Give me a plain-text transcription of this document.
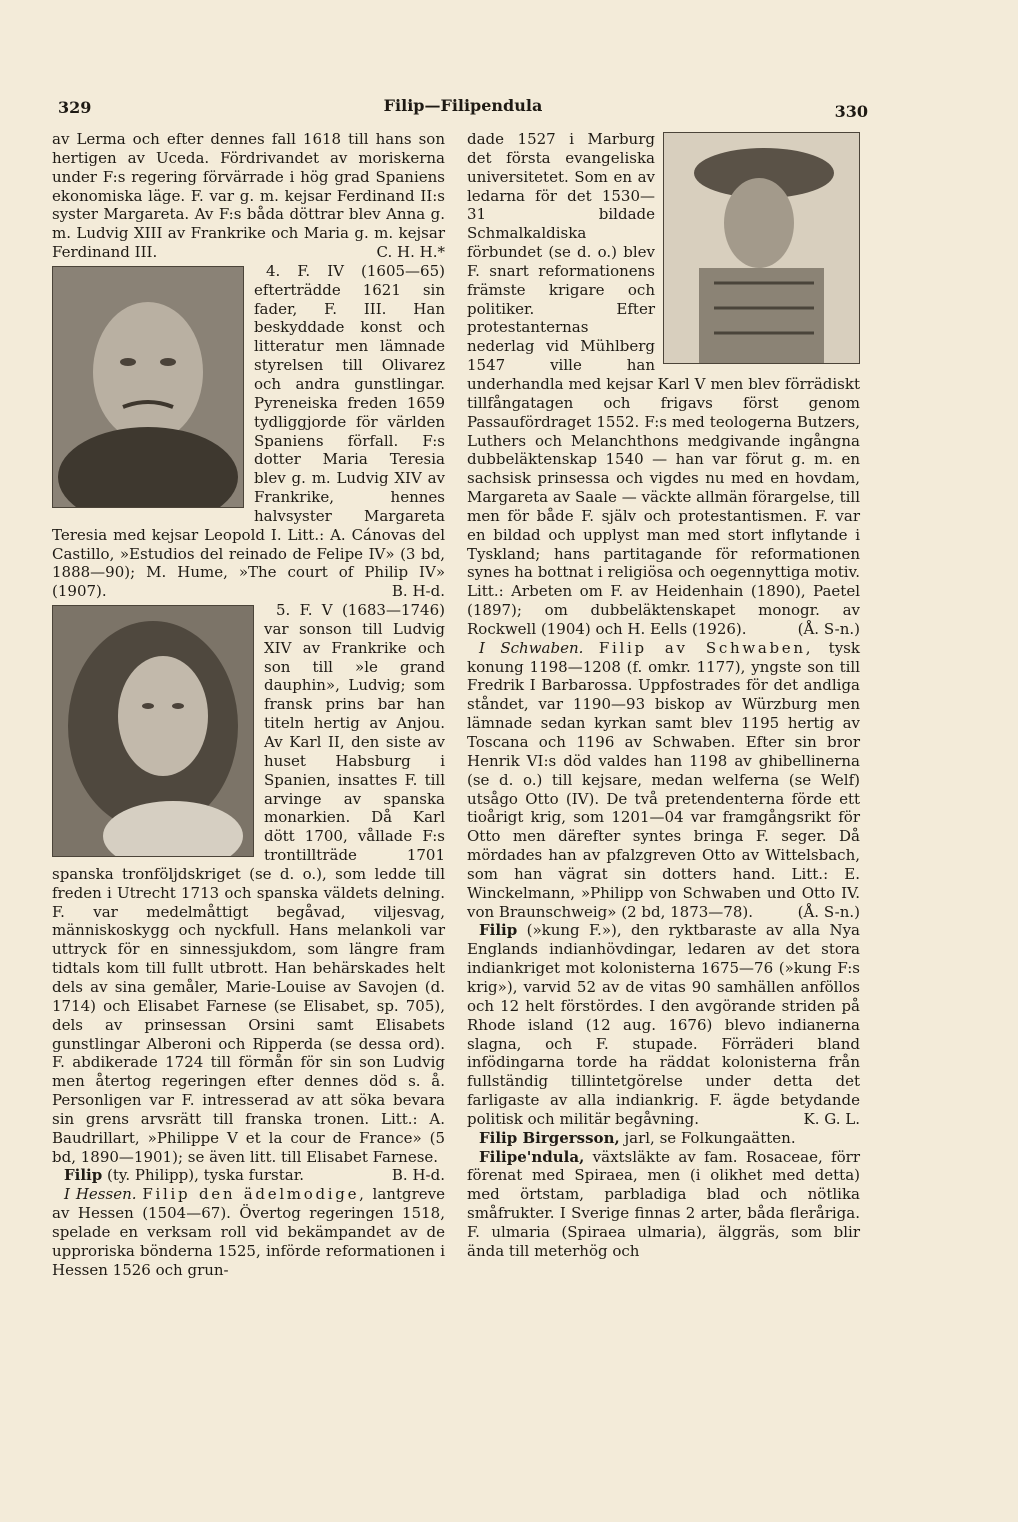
329	Filip—Filipendula	330

av Lerma och efter dennes fall 1618 till hans son hertigen av Uceda. Fördrivandet av moriskerna under F:s regering förvärrade i hög grad Spaniens ekonomiska läge. F. var g. m. kejsar Ferdinand II:s syster Margareta. Av F:s båda döttrar blev Anna g. m. Ludvig XIII av Frankrike och Maria g. m. kejsar Ferdinand III.	C. H. H.*

4. F. IV (1605—65) efterträdde 1621 sin fader, F. III. Han beskyddade konst och litteratur men lämnade styrelsen till Olivarez och andra gunstlingar. Pyreneiska freden 1659 tydliggjorde för världen Spaniens förfall. F:s dotter Maria Teresia blev g. m. Ludvig XIV av Frankrike, hennes halvsyster Margareta Teresia med kejsar Leopold I. Litt.: A. Cánovas del Castillo, »Estudios del reinado de Felipe IV» (3 bd, 1888—90); M. Hume, »The court of Philip IV» (1907).	B. H-d.

5. F. V (1683—1746) var sonson till Ludvig XIV av Frankrike och son till »le grand dauphin», Ludvig; som fransk prins bar han titeln hertig av Anjou. Av Karl II, den siste av huset Habsburg i Spanien, insattes F. till arvinge av spanska monarkien. Då Karl dött 1700, vållade F:s trontillträde 1701 spanska tronföljdskriget (se d. o.), som ledde till freden i Utrecht 1713 och spanska väldets delning. F. var medelmåttigt begåvad, viljesvag, människoskygg och nyckfull. Hans melankoli var uttryck för en sinnessjukdom, som längre fram tidtals kom till fullt utbrott. Han behärskades helt dels av sina gemåler, Marie-Louise av Savojen (d. 1714) och Elisabet Farnese (se Elisabet, sp. 705), dels av prinsessan Orsini samt Elisabets gunstlingar Alberoni och Ripperda (se dessa ord). F. abdikerade 1724 till förmån för sin son Ludvig men återtog regeringen efter dennes död s. å. Personligen var F. intresserad av att söka bevara sin grens arvsrätt till franska tronen. Litt.: A. Baudrillart, »Philippe V et la cour de France» (5 bd, 1890—1901); se även litt. till Elisabet Farnese.
B. H-d.

Filip (ty. Philipp), tyska furstar.

I Hessen. Filip den ädelmodige, lantgreve av Hessen (1504—67). Övertog regeringen 1518, spelade en verksam roll vid bekämpandet av de upproriska bönderna 1525, införde reformationen i Hessen 1526 och grun-

dade 1527 i Marburg det första evangeliska universitetet. Som en av ledarna för det 1530—31 bildade Schmalkaldiska förbundet (se d. o.) blev F. snart reformationens främste krigare och politiker. Efter protestanternas nederlag vid Mühlberg 1547 ville han underhandla med kejsar Karl V men blev förrädiskt tillfångatagen och frigavs först genom Passaufördraget 1552. F:s med teologerna Butzers, Luthers och Melanchthons medgivande ingångna dubbeläktenskap 1540 — han var förut g. m. en sachsisk prinsessa och vigdes nu med en hovdam, Margareta av Saale — väckte allmän förargelse, till men för både F. själv och protestantismen. F. var en bildad och upplyst man med stort inflytande i Tyskland; hans partitagande för reformationen synes ha bottnat i religiösa och oegennyttiga motiv. Litt.: Arbeten om F. av Heidenhain (1890), Paetel (1897); om dubbeläktenskapet monogr. av Rockwell (1904) och H. Eells (1926).	(Å. S-n.)

I Schwaben. Filip av Schwaben, tysk konung 1198—1208 (f. omkr. 1177), yngste son till Fredrik I Barbarossa. Uppfostrades för det andliga ståndet, var 1190—93 biskop av Würzburg men lämnade sedan kyrkan samt blev 1195 hertig av Toscana och 1196 av Schwaben. Efter sin bror Henrik VI:s död valdes han 1198 av ghibellinerna (se d. o.) till kejsare, medan welferna (se Welf) utsågo Otto (IV). De två pretendenterna förde ett tioårigt krig, som 1201—04 var framgångsrikt för Otto men därefter syntes bringa F. seger. Då mördades han av pfalzgreven Otto av Wittelsbach, som han vägrat sin dotters hand. Litt.: E. Winckelmann, »Philipp von Schwaben und Otto IV. von Braunschweig» (2 bd, 1873—78).	(Å. S-n.)

Filip (»kung F.»), den ryktbaraste av alla Nya Englands indianhövdingar, ledaren av det stora indiankriget mot kolonisterna 1675—76 (»kung F:s krig»), varvid 52 av de vitas 90 samhällen anföllos och 12 helt förstördes. I den avgörande striden på Rhode island (12 aug. 1676) blevo indianerna slagna, och F. stupade. Förräderi bland infödingarna torde ha räddat kolonisterna från fullständig tillintetgörelse under detta det farligaste av alla indiankrig. F. ägde betydande politisk och militär begåvning.	K. G. L.

Filip Birgersson, jarl, se Folkungaätten.

Filipe'ndula, växtsläkte av fam. Rosaceae, förr förenat med Spiraea, men (i olikhet med detta) med örtstam, parbladiga blad och nötlika småfrukter. I Sverige finnas 2 arter, båda fleråriga. F. ulmaria (Spiraea ulmaria), älggräs, som blir ända till meterhög och
